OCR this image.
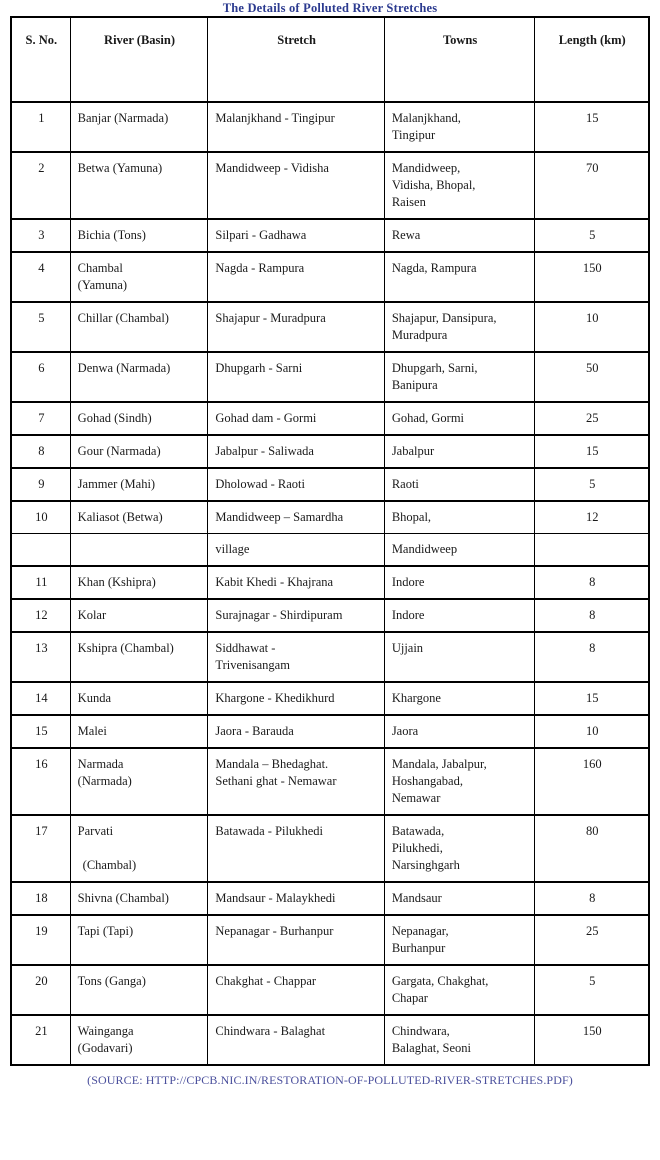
The Details of Polluted River Stretches
S. No.	River (Basin)	Stretch	Towns	Length (km)

1	Banjar (Narmada)	Malanjkhand - Tingipur	Malanjkhand,
Tingipur	15

2	Betwa (Yamuna)	Mandidweep - Vidisha	Mandidweep,
Vidisha, Bhopal,
Raisen	70

3	Bichia (Tons)	Silpari - Gadhawa	Rewa	5

4	Chambal
(Yamuna)	Nagda - Rampura	Nagda, Rampura	150

5	Chillar (Chambal)	Shajapur - Muradpura	Shajapur, Dansipura,
Muradpura	10

6	Denwa (Narmada)	Dhupgarh - Sarni	Dhupgarh, Sarni,
Banipura	50

7	Gohad (Sindh)	Gohad dam - Gormi	Gohad, Gormi	25

8	Gour (Narmada)	Jabalpur - Saliwada	Jabalpur	15

9	Jammer (Mahi)	Dholowad - Raoti	Raoti	5

10	Kaliasot (Betwa)	Mandidweep – Samardha	Bhopal,	12

		village	Mandidweep	

11	Khan (Kshipra)	Kabit Khedi - Khajrana	Indore	8

12	Kolar	Surajnagar - Shirdipuram	Indore	8

13	Kshipra (Chambal)	Siddhawat -
Trivenisangam	Ujjain	8

14	Kunda	Khargone - Khedikhurd	Khargone	15

15	Malei	Jaora - Barauda	Jaora	10

16	Narmada
(Narmada)	Mandala – Bhedaghat.
Sethani ghat - Nemawar	Mandala, Jabalpur,
Hoshangabad,
Nemawar	160

17	Parvati
(Chambal)	Batawada - Pilukhedi	Batawada,
Pilukhedi,
Narsinghgarh	80

18	Shivna (Chambal)	Mandsaur - Malaykhedi	Mandsaur	8

19	Tapi (Tapi)	Nepanagar - Burhanpur	Nepanagar,
Burhanpur	25

20	Tons (Ganga)	Chakghat - Chappar	Gargata, Chakghat,
Chapar	5

21	Wainganga
(Godavari)	Chindwara - Balaghat	Chindwara,
Balaghat, Seoni	150
(SOURCE: HTTP://CPCB.NIC.IN/RESTORATION-OF-POLLUTED-RIVER-STRETCHES.PDF)
